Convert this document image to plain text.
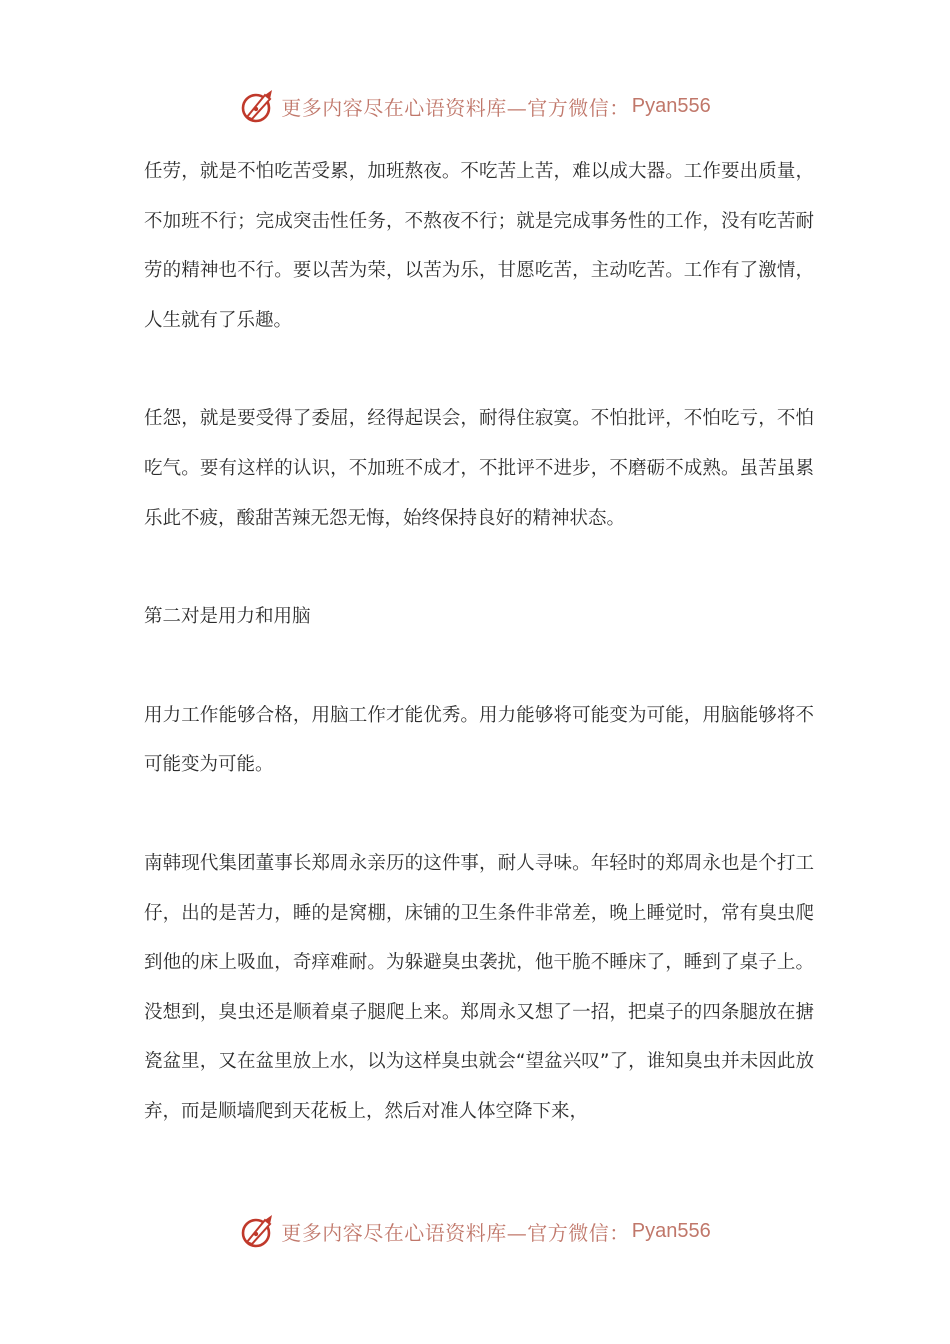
更多内容尽在心语资料库—官方微信： Pyan556

任劳，就是不怕吃苦受累，加班熬夜。不吃苦上苦，难以成大器。工作要出质量，不加班不行；完成突击性任务，不熬夜不行；就是完成事务性的工作，没有吃苦耐劳的精神也不行。要以苦为荣，以苦为乐，甘愿吃苦，主动吃苦。工作有了激情，人生就有了乐趣。

任怨，就是要受得了委屈，经得起误会，耐得住寂寞。不怕批评，不怕吃亏，不怕吃气。要有这样的认识，不加班不成才，不批评不进步，不磨砺不成熟。虽苦虽累乐此不疲，酸甜苦辣无怨无悔，始终保持良好的精神状态。

第二对是用力和用脑

用力工作能够合格，用脑工作才能优秀。用力能够将可能变为可能，用脑能够将不可能变为可能。

南韩现代集团董事长郑周永亲历的这件事，耐人寻味。年轻时的郑周永也是个打工仔，出的是苦力，睡的是窝棚，床铺的卫生条件非常差，晚上睡觉时，常有臭虫爬到他的床上吸血，奇痒难耐。为躲避臭虫袭扰，他干脆不睡床了，睡到了桌子上。没想到，臭虫还是顺着桌子腿爬上来。郑周永又想了一招，把桌子的四条腿放在搪瓷盆里，又在盆里放上水，以为这样臭虫就会“望盆兴叹”了，谁知臭虫并未因此放弃，而是顺墙爬到天花板上，然后对准人体空降下来，

更多内容尽在心语资料库—官方微信： Pyan556
